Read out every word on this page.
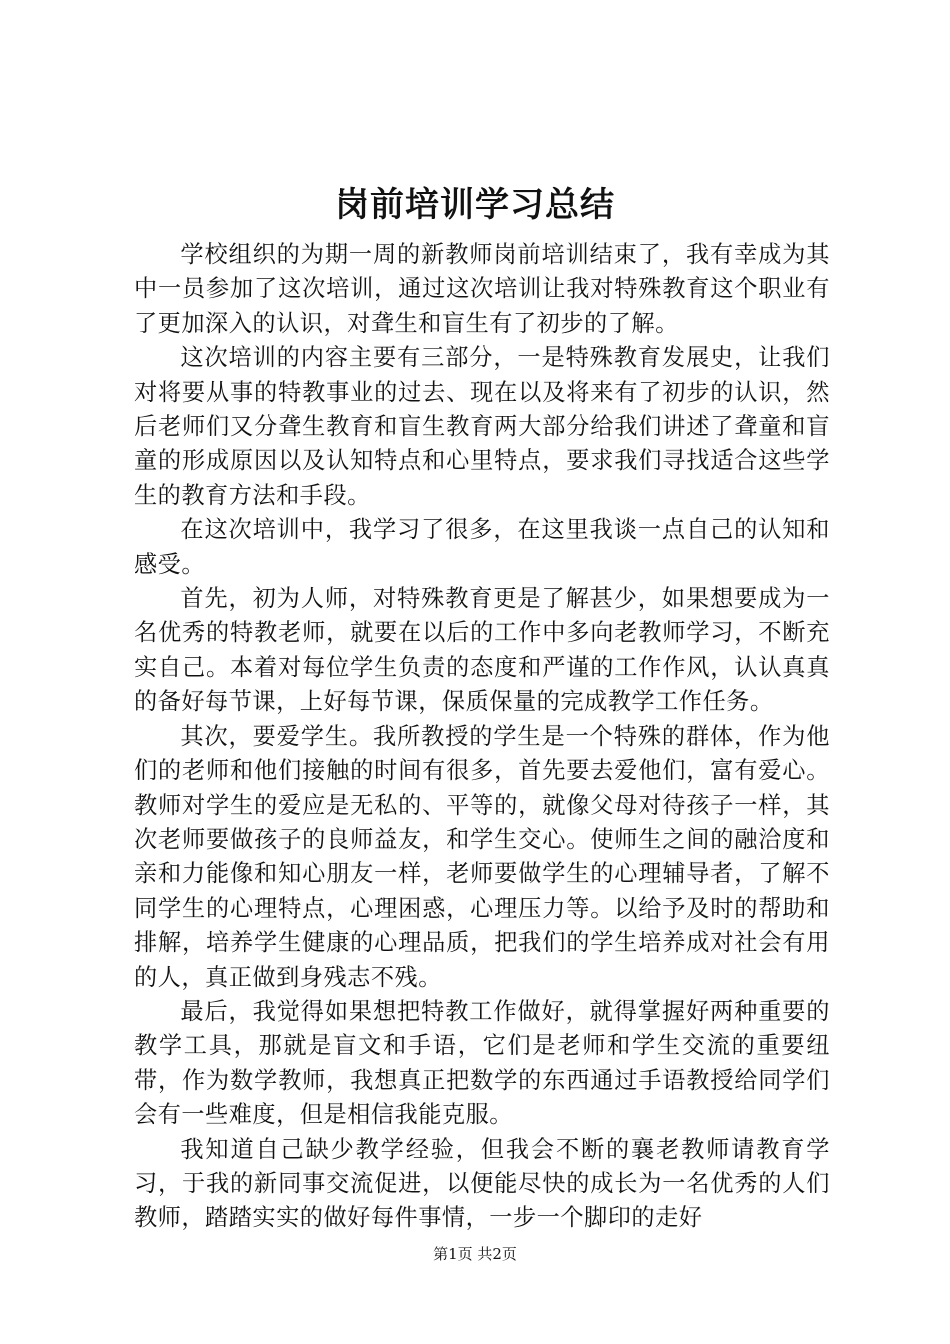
岗前培训学习总结

学校组织的为期一周的新教师岗前培训结束了，我有幸成为其中一员参加了这次培训，通过这次培训让我对特殊教育这个职业有了更加深入的认识，对聋生和盲生有了初步的了解。

这次培训的内容主要有三部分，一是特殊教育发展史，让我们对将要从事的特教事业的过去、现在以及将来有了初步的认识，然后老师们又分聋生教育和盲生教育两大部分给我们讲述了聋童和盲童的形成原因以及认知特点和心里特点，要求我们寻找适合这些学生的教育方法和手段。

在这次培训中，我学习了很多，在这里我谈一点自己的认知和感受。

首先，初为人师，对特殊教育更是了解甚少，如果想要成为一名优秀的特教老师，就要在以后的工作中多向老教师学习，不断充实自己。本着对每位学生负责的态度和严谨的工作作风，认认真真的备好每节课，上好每节课，保质保量的完成教学工作任务。

其次，要爱学生。我所教授的学生是一个特殊的群体，作为他们的老师和他们接触的时间有很多，首先要去爱他们，富有爱心。教师对学生的爱应是无私的、平等的，就像父母对待孩子一样，其次老师要做孩子的良师益友，和学生交心。使师生之间的融洽度和亲和力能像和知心朋友一样，老师要做学生的心理辅导者，了解不同学生的心理特点，心理困惑，心理压力等。以给予及时的帮助和排解，培养学生健康的心理品质，把我们的学生培养成对社会有用的人，真正做到身残志不残。

最后，我觉得如果想把特教工作做好，就得掌握好两种重要的教学工具，那就是盲文和手语，它们是老师和学生交流的重要纽带，作为数学教师，我想真正把数学的东西通过手语教授给同学们会有一些难度，但是相信我能克服。

我知道自己缺少教学经验，但我会不断的襄老教师请教育学习，于我的新同事交流促进，以便能尽快的成长为一名优秀的人们教师，踏踏实实的做好每件事情，一步一个脚印的走好

第1页 共2页
